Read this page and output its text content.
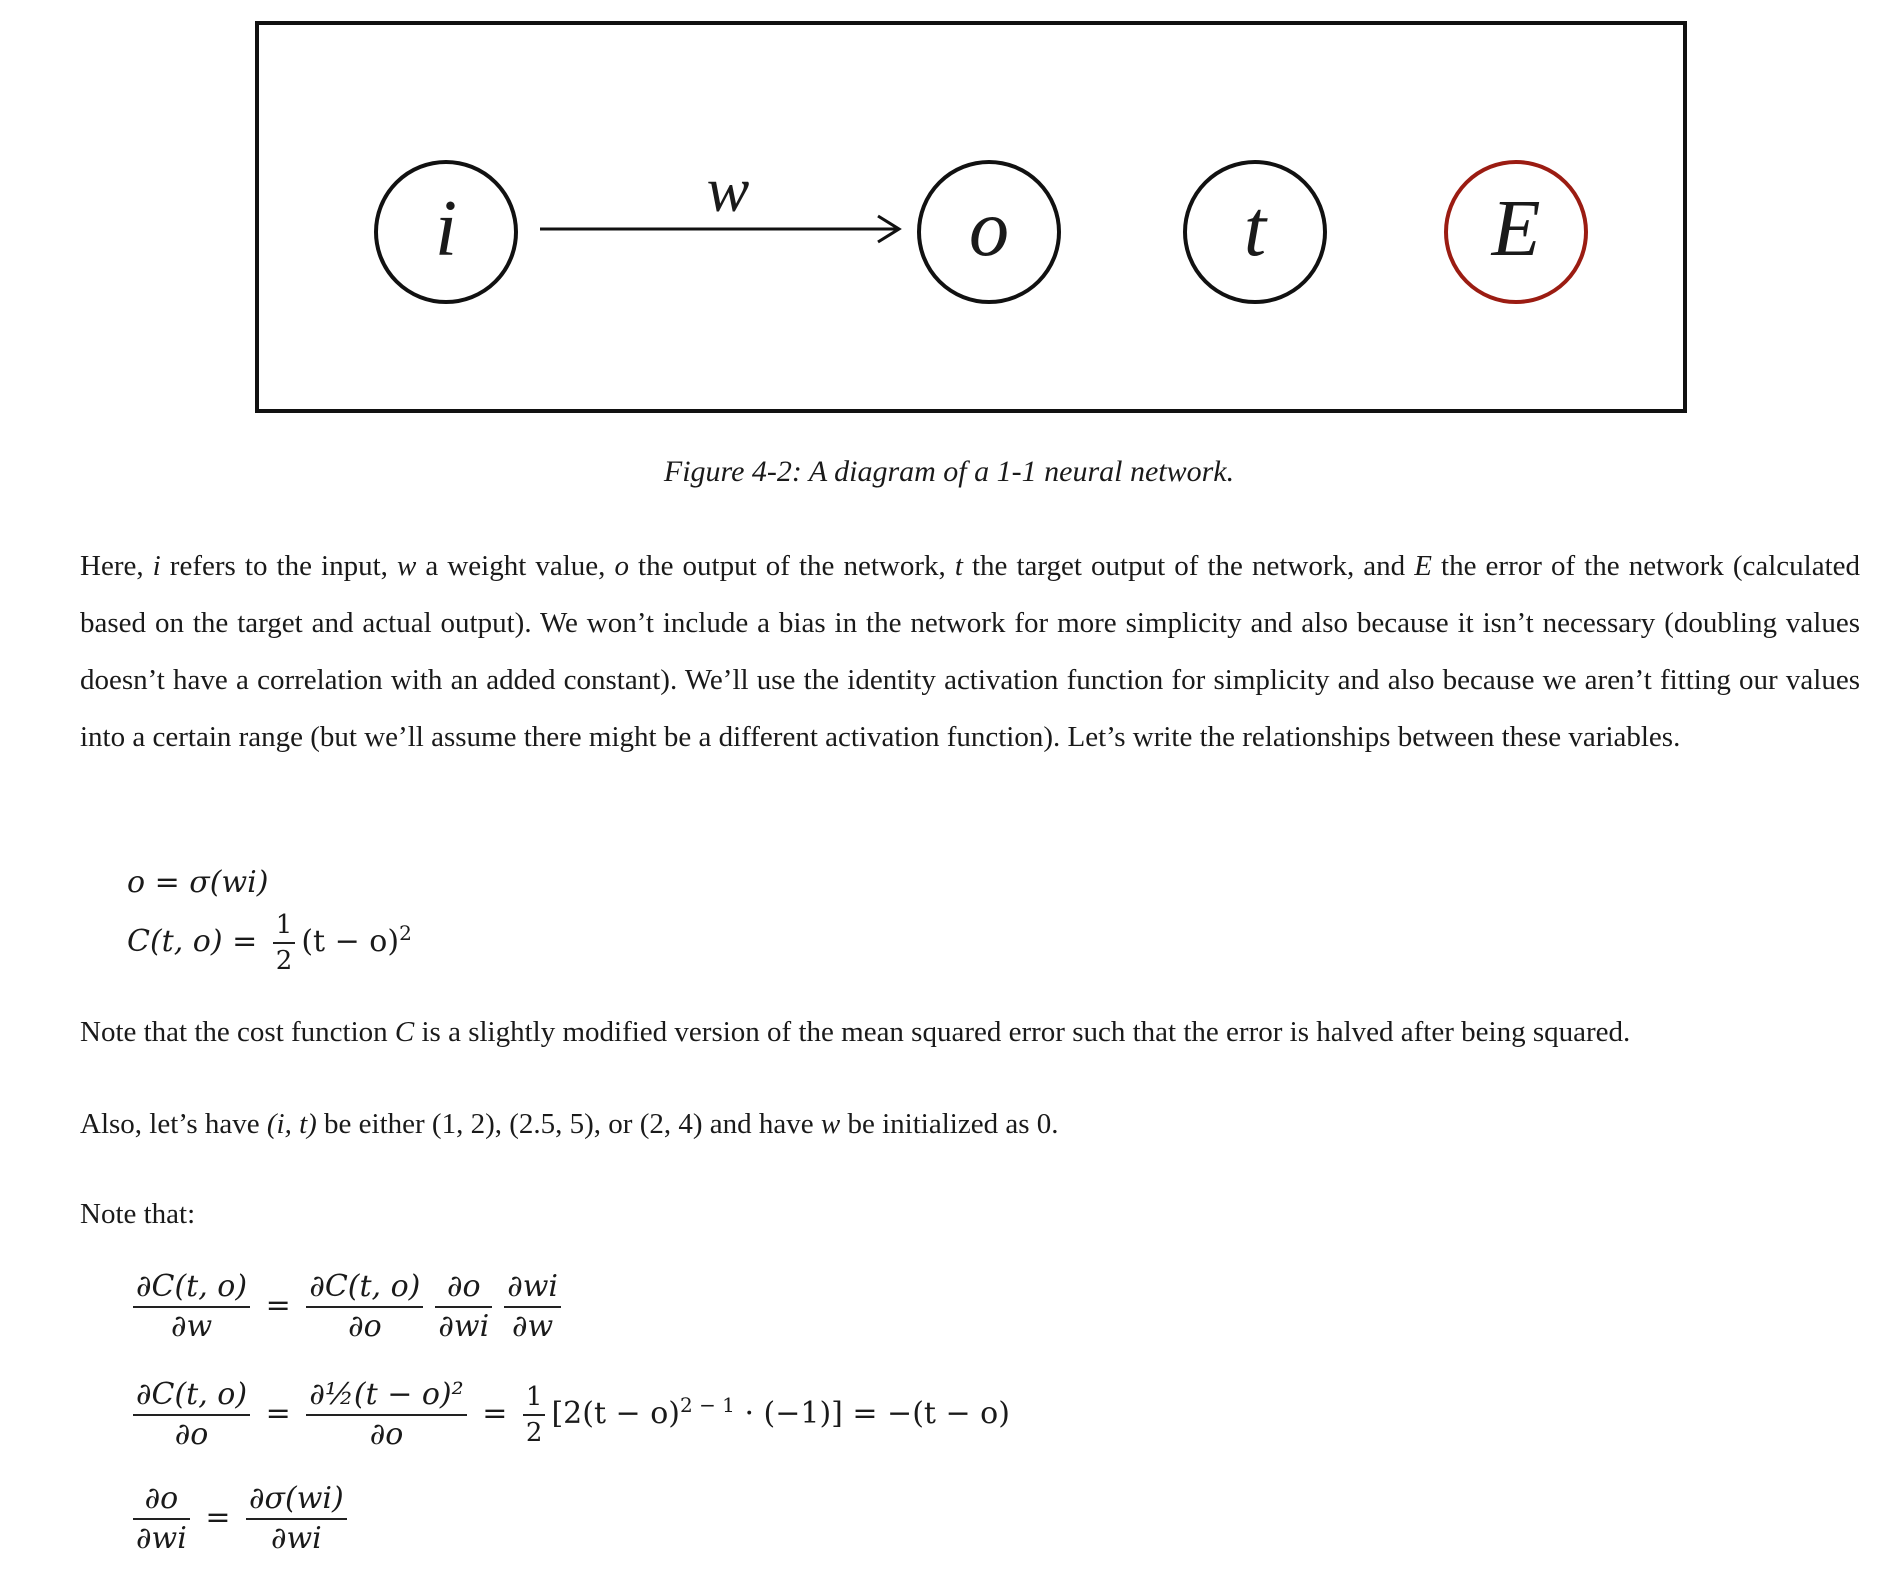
i	w	o	t	E
Figure 4-2: A diagram of a 1-1 neural network.
Here, i refers to the input, w a weight value, o the output of the network, t the target output of the network, and E the error of the network (calculated based on the target and actual output). We won’t include a bias in the network for more simplicity and also because it isn’t necessary (doubling values doesn’t have a correlation with an added constant). We’ll use the identity activation function for simplicity and also because we aren’t fitting our values into a certain range (but we’ll assume there might be a different activation function). Let’s write the relationships between these variables.
o = σ(wi)
C(t, $o) = \frac{1}{2} (t - o)^2$
Note that the cost function C is a slightly modified version of the mean squared error such that the error is halved after being squared.
Also, let’s have (i, t) be either (1, 2), (2.5, 5), or (2, 4) and have w be initialized as 0.
Note that:
$\frac{\partial C(t, o)}{\partial w} = \frac{\partial C(t, o)}{\partial o} \frac{\partial o}{\partial wi} \frac{\partial wi}{\partial w}$
$\frac{\partial C(t, o)}{\partial o} = \frac{\text{∂½(t − o)²}}{\partial o} = \frac{1}{2} [2(t - o)^{2 - 1} \cdot (-1)] = -(t - o)$
$\frac{\partial o}{\partial wi} = \frac{\partial\sigma(wi)}{\partial wi}$
